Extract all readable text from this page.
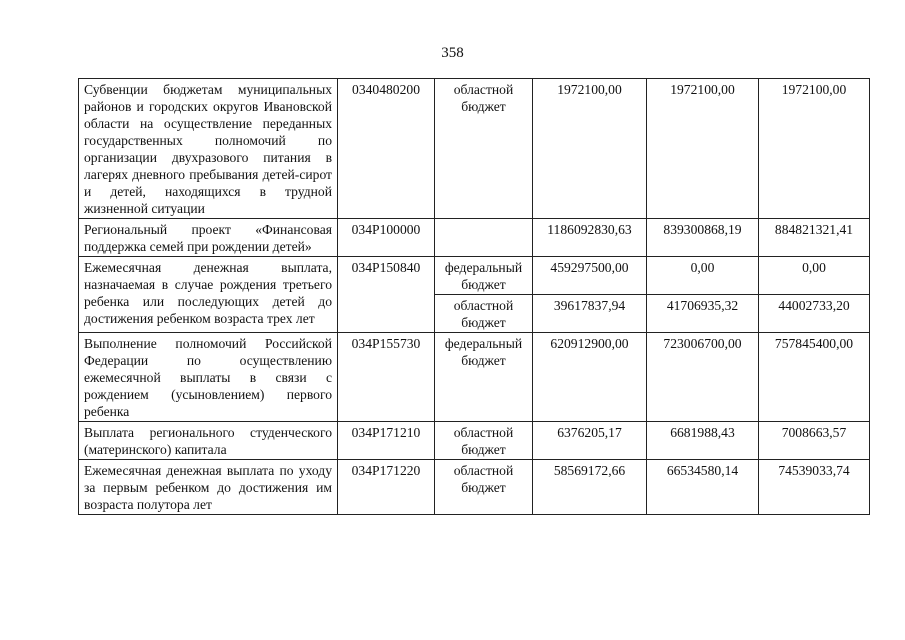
358
Субвенции бюджетам муниципальных районов и городских округов Ивановской области на осуществление переданных государственных полномочий по организации двухразового питания в лагерях дневного пребывания детей-сирот и детей, находящихся в трудной жизненной ситуации	0340480200	областной бюджет	1972100,00	1972100,00	1972100,00
Региональный проект «Финансовая поддержка семей при рождении детей»	034P100000		1186092830,63	839300868,19	884821321,41
Ежемесячная денежная выплата, назначаемая в случае рождения третьего ребенка или последующих детей до достижения ребенком возраста трех лет	034P150840	федеральный бюджет	459297500,00	0,00	0,00
		областной бюджет	39617837,94	41706935,32	44002733,20
Выполнение полномочий Российской Федерации по осуществлению ежемесячной выплаты в связи с рождением (усыновлением) первого ребенка	034P155730	федеральный бюджет	620912900,00	723006700,00	757845400,00
Выплата регионального студенческого (материнского) капитала	034P171210	областной бюджет	6376205,17	6681988,43	7008663,57
Ежемесячная денежная выплата по уходу за первым ребенком до достижения им возраста полутора лет	034P171220	областной бюджет	58569172,66	66534580,14	74539033,74
